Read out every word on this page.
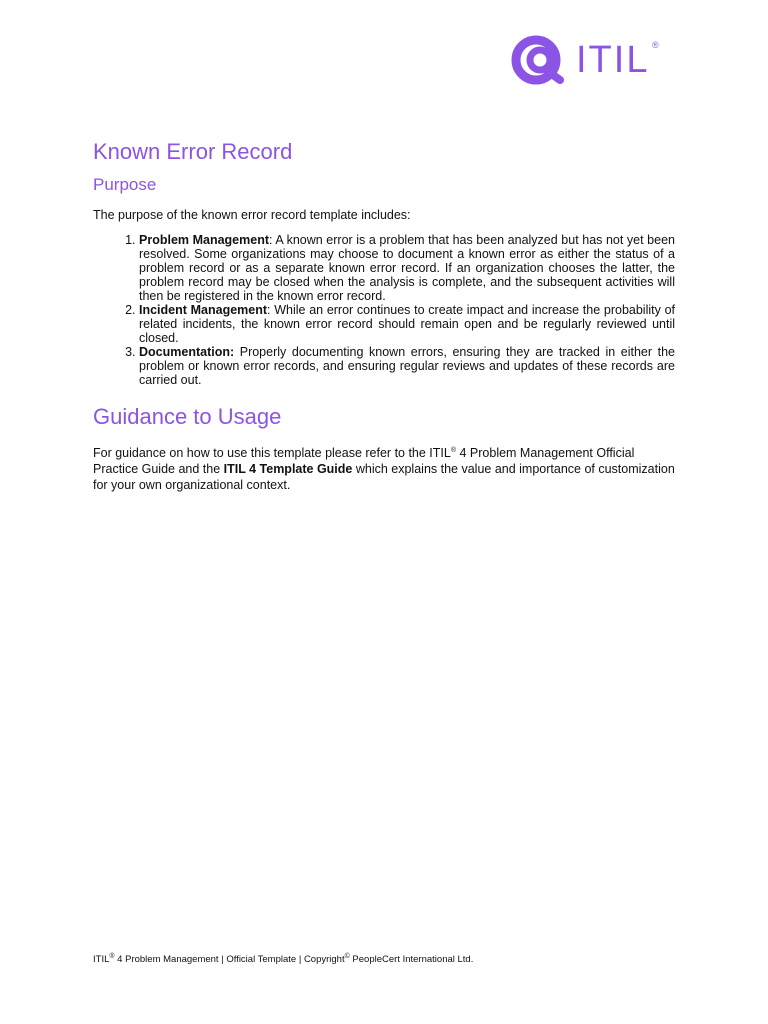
ITIL ®
Known Error Record
Purpose

The purpose of the known error record template includes:

1. Problem Management: A known error is a problem that has been analyzed but has not yet been resolved. Some organizations may choose to document a known error as either the status of a problem record or as a separate known error record. If an organization chooses the latter, the problem record may be closed when the analysis is complete, and the subsequent activities will then be registered in the known error record.
2. Incident Management: While an error continues to create impact and increase the probability of related incidents, the known error record should remain open and be regularly reviewed until closed.
3. Documentation: Properly documenting known errors, ensuring they are tracked in either the problem or known error records, and ensuring regular reviews and updates of these records are carried out.
Guidance to Usage

For guidance on how to use this template please refer to the ITIL® 4 Problem Management Official Practice Guide and the ITIL 4 Template Guide which explains the value and importance of customization for your own organizational context.

ITIL® 4 Problem Management | Official Template | Copyright© PeopleCert International Ltd.
